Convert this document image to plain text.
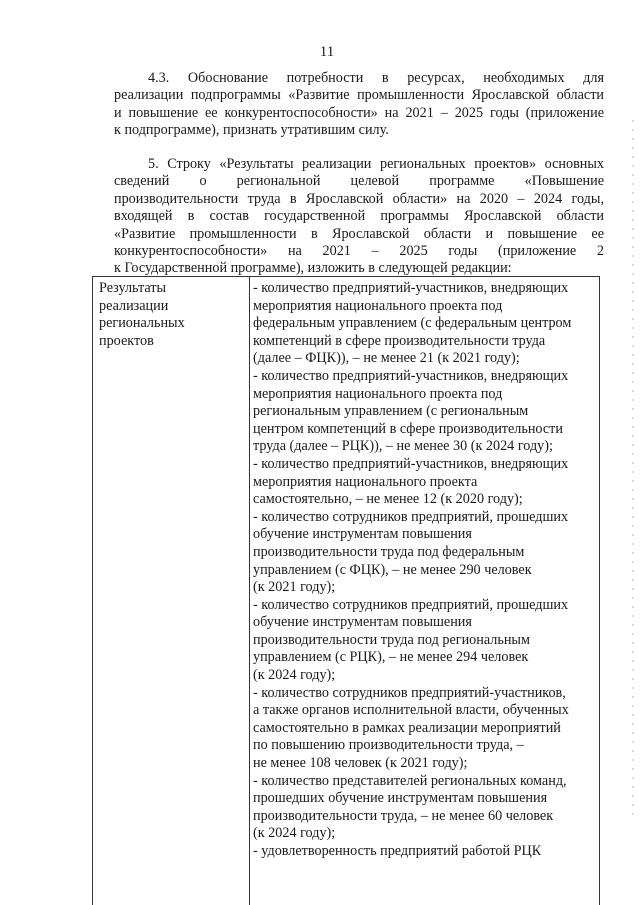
11
4.3. Обоснование потребности в ресурсах, необходимых для
реализации подпрограммы «Развитие промышленности Ярославской области
и повышение ее конкурентоспособности» на 2021 – 2025 годы (приложение
к подпрограмме), признать утратившим силу.
5. Строку «Результаты реализации региональных проектов» основных
сведений о региональной целевой программе «Повышение
производительности труда в Ярославской области» на 2020 – 2024 годы,
входящей в состав государственной программы Ярославской области
«Развитие промышленности в Ярославской области и повышение ее
конкурентоспособности» на 2021 – 2025 годы (приложение 2
к Государственной программе), изложить в следующей редакции:
Результаты
реализации
региональных
проектов
- количество предприятий-участников, внедряющих
мероприятия национального проекта под
федеральным управлением (с федеральным центром
компетенций в сфере производительности труда
(далее – ФЦК)), – не менее 21 (к 2021 году);
- количество предприятий-участников, внедряющих
мероприятия национального проекта под
региональным управлением (с региональным
центром компетенций в сфере производительности
труда (далее – РЦК)), – не менее 30 (к 2024 году);
- количество предприятий-участников, внедряющих
мероприятия национального проекта
самостоятельно, – не менее 12 (к 2020 году);
- количество сотрудников предприятий, прошедших
обучение инструментам повышения
производительности труда под федеральным
управлением (с ФЦК), – не менее 290 человек
(к 2021 году);
- количество сотрудников предприятий, прошедших
обучение инструментам повышения
производительности труда под региональным
управлением (с РЦК), – не менее 294 человек
(к 2024 году);
- количество сотрудников предприятий-участников,
а также органов исполнительной власти, обученных
самостоятельно в рамках реализации мероприятий
по повышению производительности труда, –
не менее 108 человек (к 2021 году);
- количество представителей региональных команд,
прошедших обучение инструментам повышения
производительности труда, – не менее 60 человек
(к 2024 году);
- удовлетворенность предприятий работой РЦК
